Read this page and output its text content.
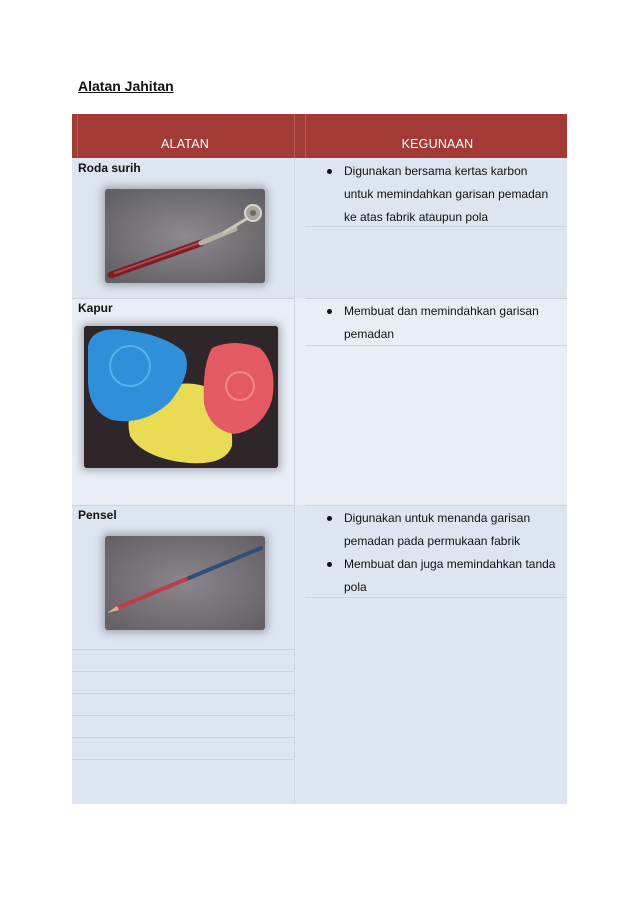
Alatan Jahitan
ALATAN	KEGUNAAN

Roda surih	Digunakan bersama kertas karbon untuk memindahkan garisan pemadan ke atas fabrik ataupun pola

Kapur	Membuat dan memindahkan garisan pemadan

Pensel	Digunakan untuk menanda garisan pemadan pada permukaan fabrik
Membuat dan juga memindahkan tanda pola
